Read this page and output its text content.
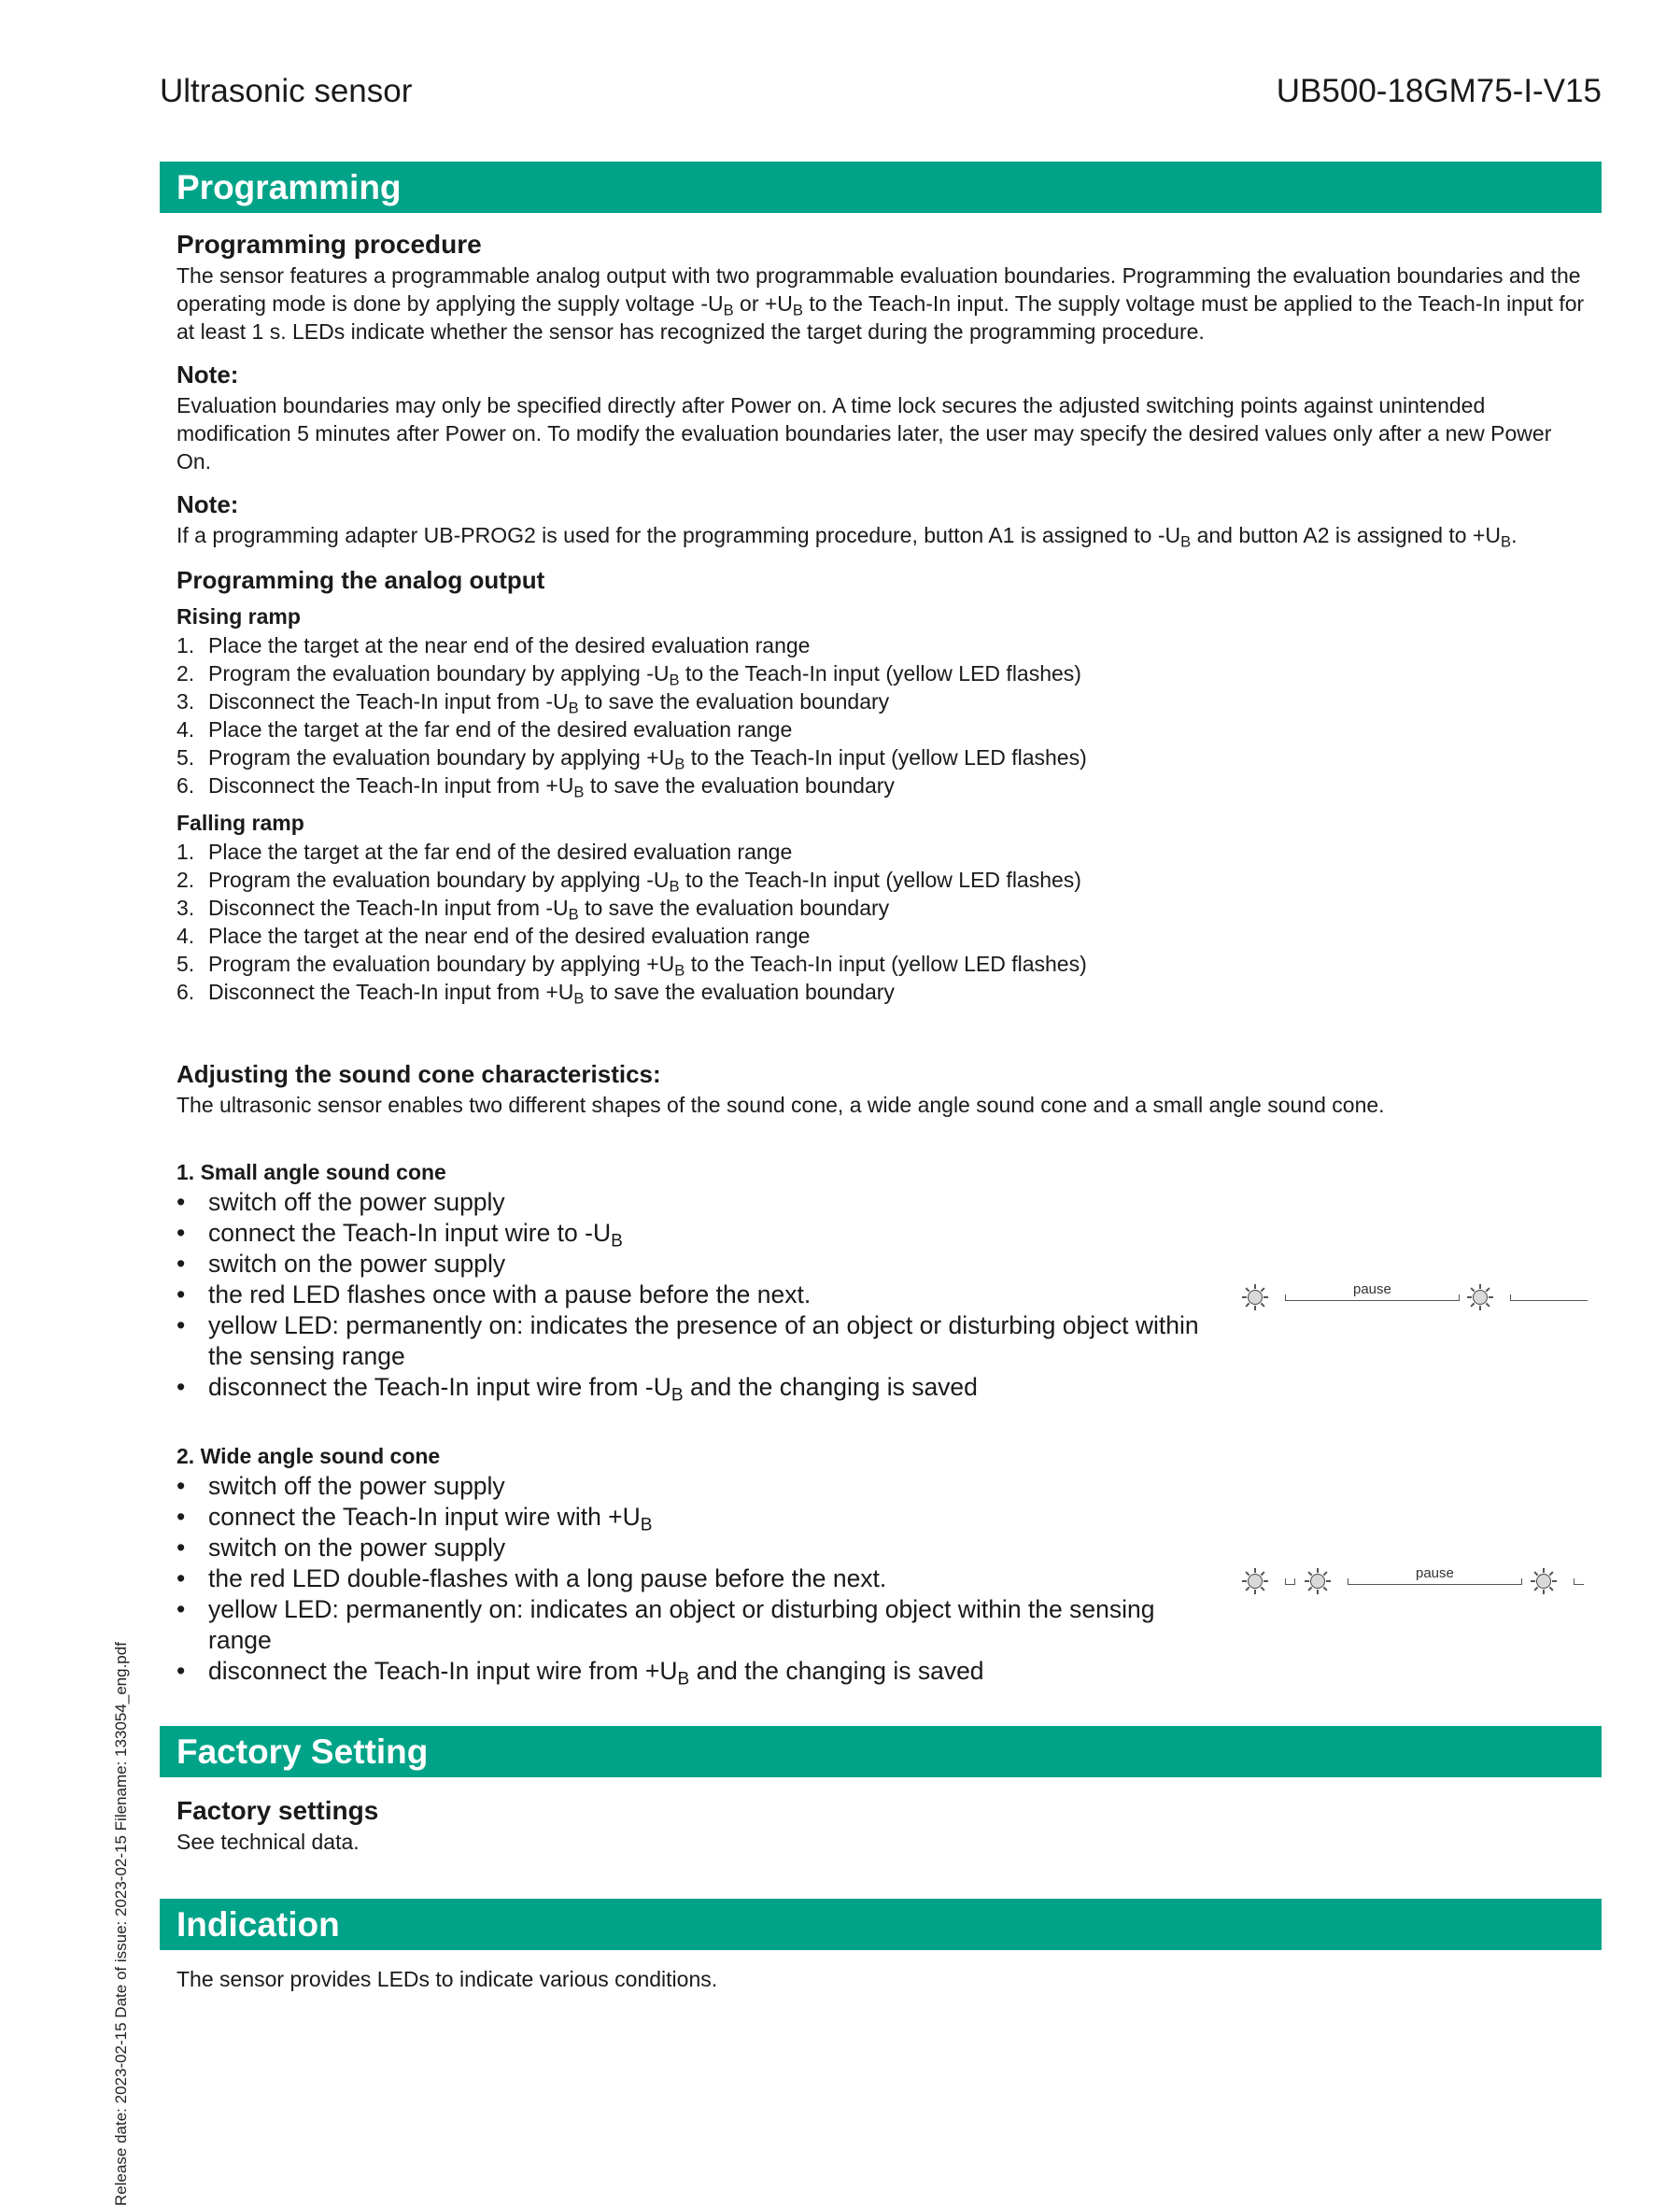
Ultrasonic sensor	UB500-18GM75-I-V15
Release date: 2023-02-15 Date of issue: 2023-02-15 Filename: 133054_eng.pdf
Programming
Programming procedure

The sensor features a programmable analog output with two programmable evaluation boundaries. Programming the evaluation boundaries and the operating mode is done by applying the supply voltage $-U_B$ or $+U_B$ to the Teach-In input. The supply voltage must be applied to the Teach-In input for at least 1 s. LEDs indicate whether the sensor has recognized the target during the programming procedure.

Note:

Evaluation boundaries may only be specified directly after Power on. A time lock secures the adjusted switching points against unintended modification 5 minutes after Power on. To modify the evaluation boundaries later, the user may specify the desired values only after a new Power On.

Note:

If a programming adapter UB-PROG2 is used for the programming procedure, button A1 is assigned to $-U_B$ and button A2 is assigned to $+U_B$.

Programming the analog output
Rising ramp
1. Place the target at the near end of the desired evaluation range
2. Program the evaluation boundary by applying $-U_B$ to the Teach-In input (yellow LED flashes)
3. Disconnect the Teach-In input from $-U_B$ to save the evaluation boundary
4. Place the target at the far end of the desired evaluation range
5. Program the evaluation boundary by applying $+U_B$ to the Teach-In input (yellow LED flashes)
6. Disconnect the Teach-In input from $+U_B$ to save the evaluation boundary
Falling ramp
1. Place the target at the far end of the desired evaluation range
2. Program the evaluation boundary by applying $-U_B$ to the Teach-In input (yellow LED flashes)
3. Disconnect the Teach-In input from $-U_B$ to save the evaluation boundary
4. Place the target at the near end of the desired evaluation range
5. Program the evaluation boundary by applying $+U_B$ to the Teach-In input (yellow LED flashes)
6. Disconnect the Teach-In input from $+U_B$ to save the evaluation boundary
Adjusting the sound cone characteristics:

The ultrasonic sensor enables two different shapes of the sound cone, a wide angle sound cone and a small angle sound cone.

1. Small angle sound cone
• switch off the power supply
• connect the Teach-In input wire to $-U_B$
• switch on the power supply
• the red LED flashes once with a pause before the next.
• yellow LED: permanently on: indicates the presence of an object or disturbing object within the sensing range
• disconnect the Teach-In input wire from $-U_B$ and the changing is saved
pause
2. Wide angle sound cone
• switch off the power supply
• connect the Teach-In input wire with $+U_B$
• switch on the power supply
• the red LED double-flashes with a long pause before the next.
• yellow LED: permanently on: indicates an object or disturbing object within the sensing range
• disconnect the Teach-In input wire from $+U_B$ and the changing is saved
pause
Factory Setting
Factory settings

See technical data.

Indication

The sensor provides LEDs to indicate various conditions.
